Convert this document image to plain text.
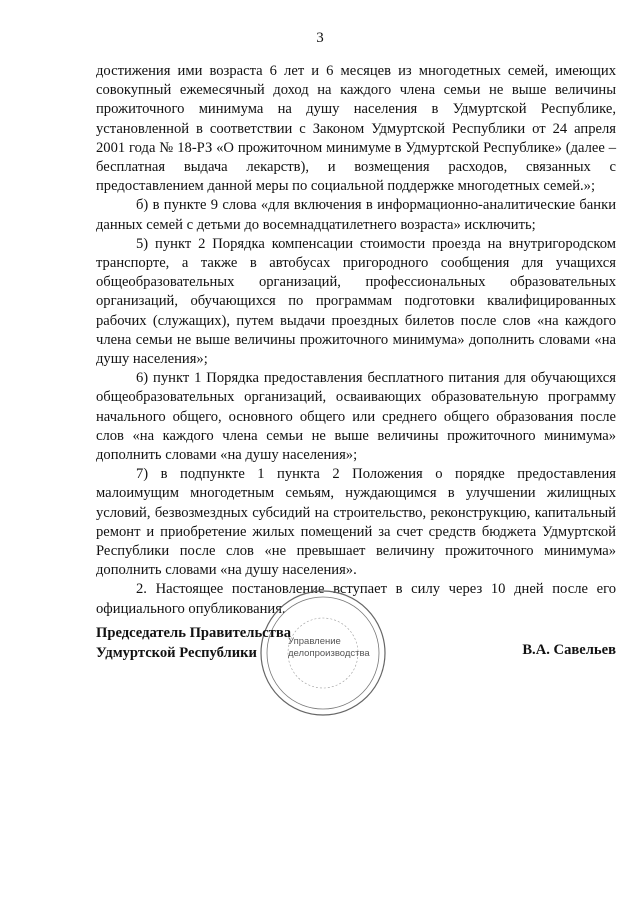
3

достижения ими возраста 6 лет и 6 месяцев из многодетных семей, имеющих совокупный ежемесячный доход на каждого члена семьи не выше величины прожиточного минимума на душу населения в Удмуртской Республике, установленной в соответствии с Законом Удмуртской Республики от 24 апреля 2001 года № 18-РЗ «О прожиточном минимуме в Удмуртской Республике» (далее – бесплатная выдача лекарств), и возмещения расходов, связанных с предоставлением данной меры по социальной поддержке многодетных семей.»;

б) в пункте 9 слова «для включения в информационно-аналитические банки данных семей с детьми до восемнадцатилетнего возраста» исключить;

5) пункт 2 Порядка компенсации стоимости проезда на внутригородском транспорте, а также в автобусах пригородного сообщения для учащихся общеобразовательных организаций, профессиональных образовательных организаций, обучающихся по программам подготовки квалифицированных рабочих (служащих), путем выдачи проездных билетов после слов «на каждого члена семьи не выше величины прожиточного минимума» дополнить словами «на душу населения»;

6) пункт 1 Порядка предоставления бесплатного питания для обучающихся общеобразовательных организаций, осваивающих образовательную программу начального общего, основного общего или среднего общего образования после слов «на каждого члена семьи не выше величины прожиточного минимума» дополнить словами «на душу населения»;

7) в подпункте 1 пункта 2 Положения о порядке предоставления малоимущим многодетным семьям, нуждающимся в улучшении жилищных условий, безвозмездных субсидий на строительство, реконструкцию, капитальный ремонт и приобретение жилых помещений за счет средств бюджета Удмуртской Республики после слов «не превышает величину прожиточного минимума» дополнить словами «на душу населения».

2. Настоящее постановление вступает в силу через 10 дней после его официального опубликования.

Управление
делопроизводства
Председатель Правительства
Удмуртской Республики	В.А. Савельев
